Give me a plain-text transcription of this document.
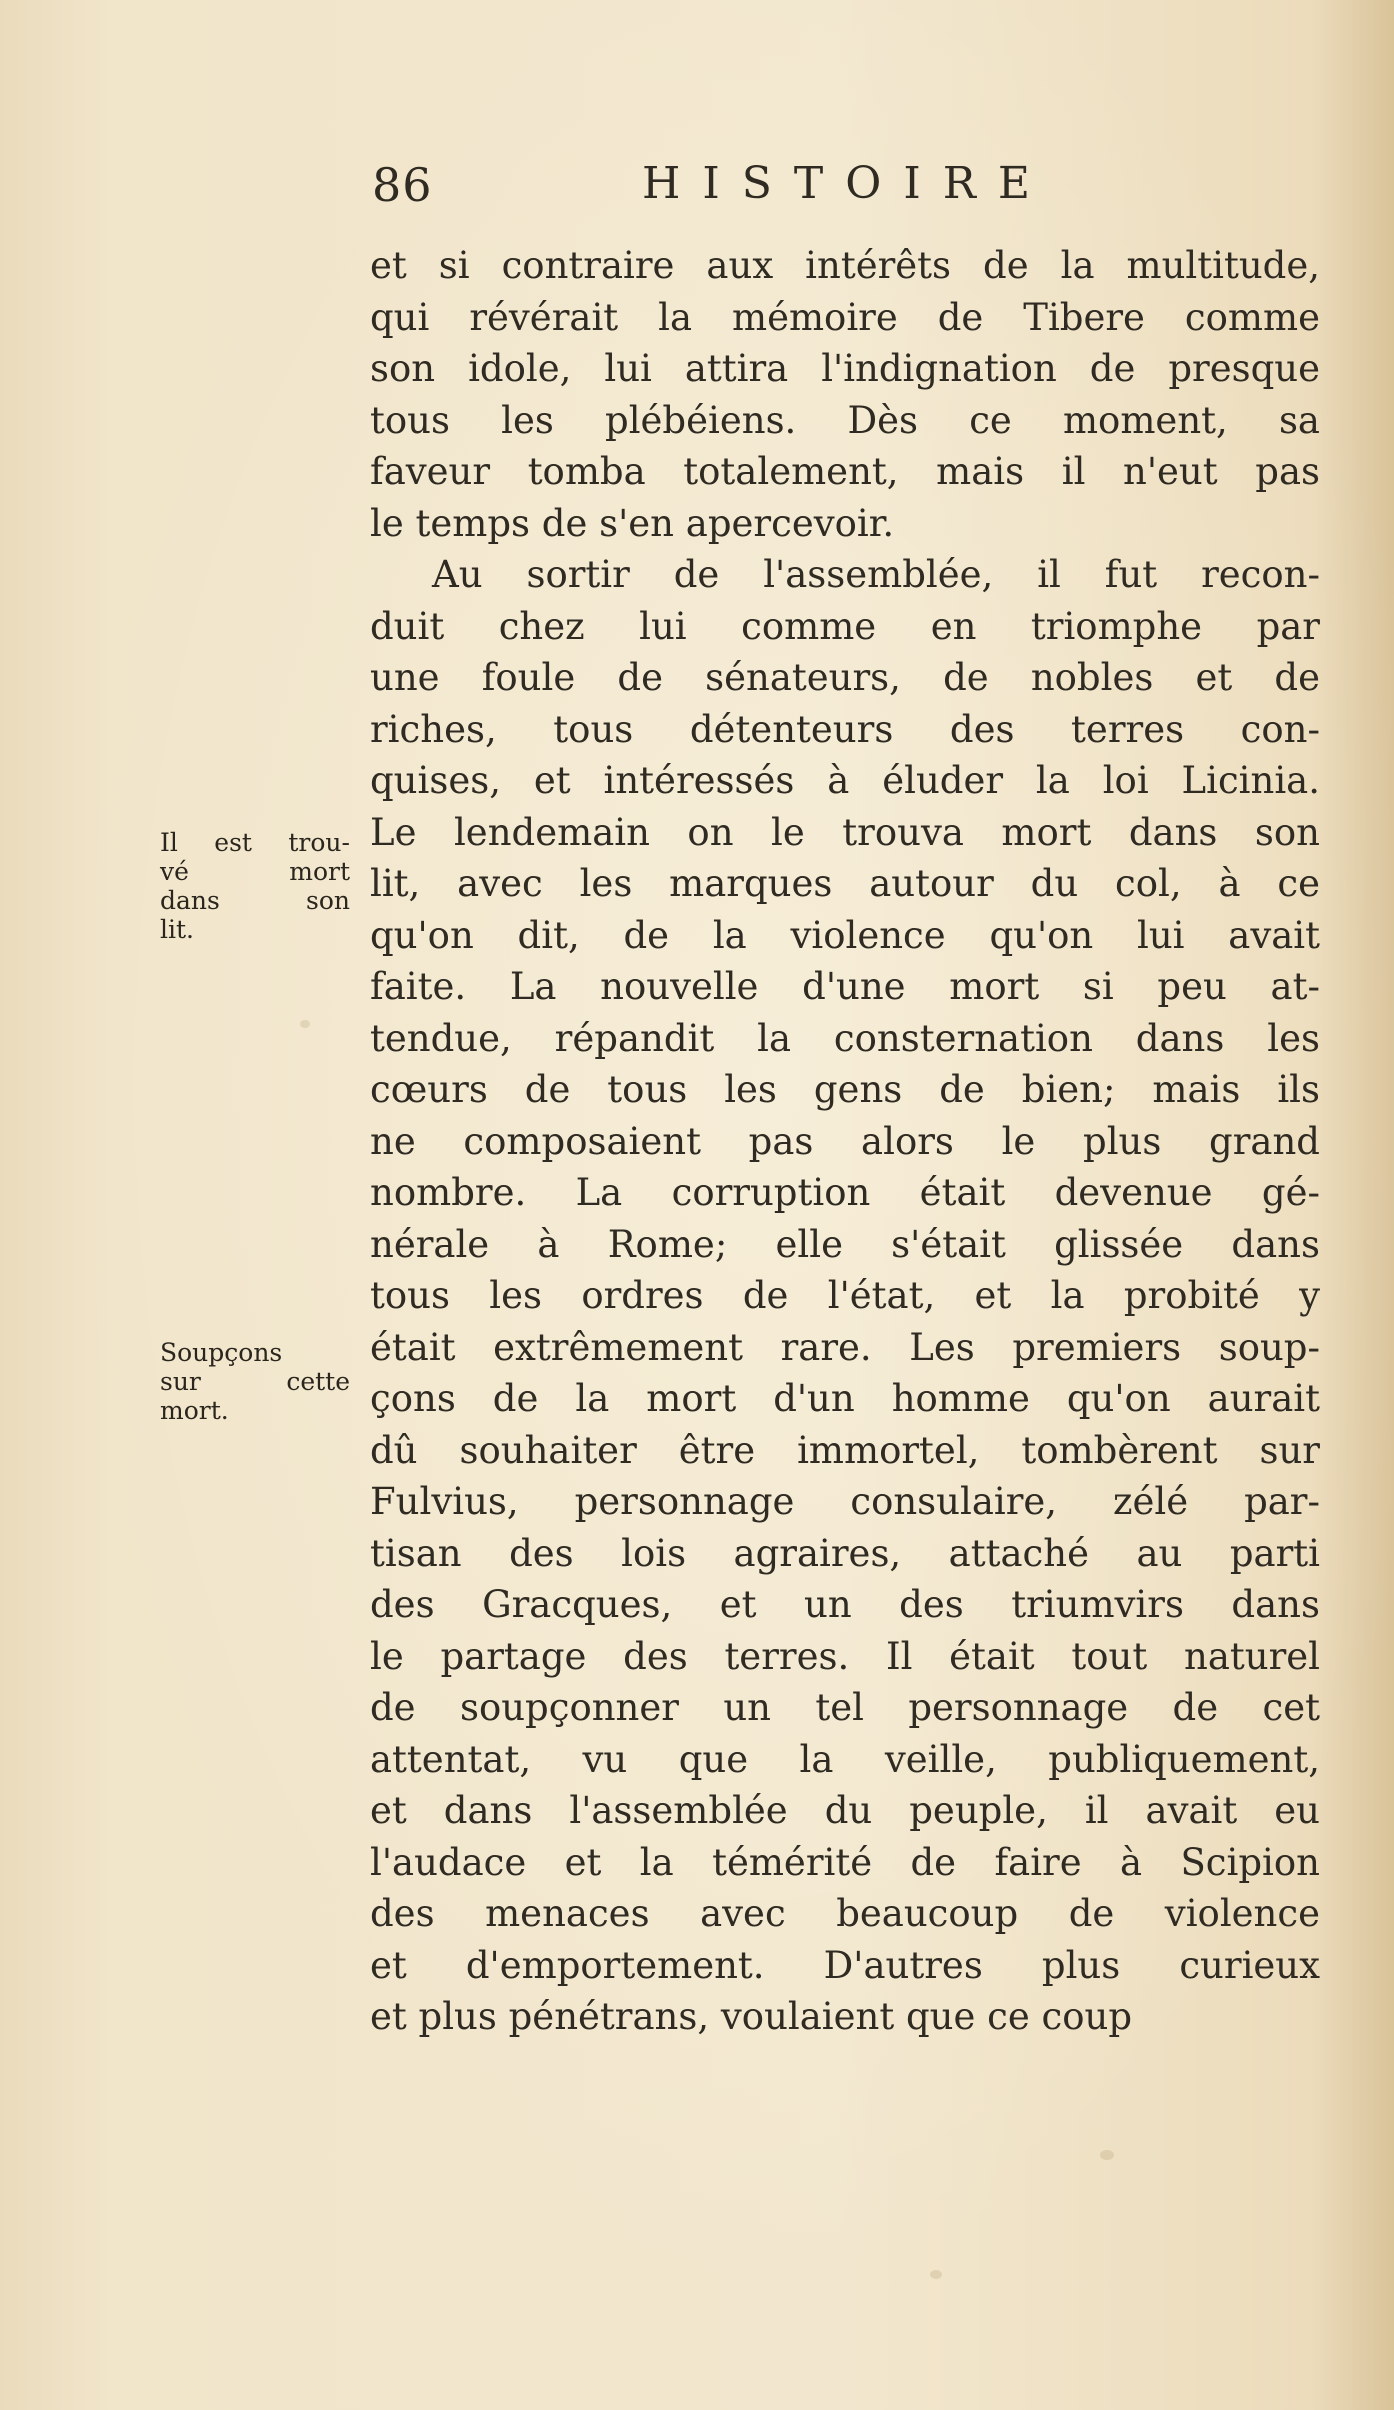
86	HISTOIRE
et si contraire aux intérêts de la multitude,
qui révérait la mémoire de Tibere comme
son idole, lui attira l'indignation de presque
tous les plébéiens. Dès ce moment, sa
faveur tomba totalement, mais il n'eut pas
le temps de s'en apercevoir.
Au sortir de l'assemblée, il fut recon-
duit chez lui comme en triomphe par
une foule de sénateurs, de nobles et de
riches, tous détenteurs des terres con-
quises, et intéressés à éluder la loi Licinia.
Le lendemain on le trouva mort dans son
lit, avec les marques autour du col, à ce
qu'on dit, de la violence qu'on lui avait
faite. La nouvelle d'une mort si peu at-
tendue, répandit la consternation dans les
cœurs de tous les gens de bien; mais ils
ne composaient pas alors le plus grand
nombre. La corruption était devenue gé-
nérale à Rome; elle s'était glissée dans
tous les ordres de l'état, et la probité y
était extrêmement rare. Les premiers soup-
çons de la mort d'un homme qu'on aurait
dû souhaiter être immortel, tombèrent sur
Fulvius, personnage consulaire, zélé par-
tisan des lois agraires, attaché au parti
des Gracques, et un des triumvirs dans
le partage des terres. Il était tout naturel
de soupçonner un tel personnage de cet
attentat, vu que la veille, publiquement,
et dans l'assemblée du peuple, il avait eu
l'audace et la témérité de faire à Scipion
des menaces avec beaucoup de violence
et d'emportement. D'autres plus curieux
et plus pénétrans, voulaient que ce coup
Il est trou-
vé mort
dans son
lit.
Soupçons
sur cette
mort.
